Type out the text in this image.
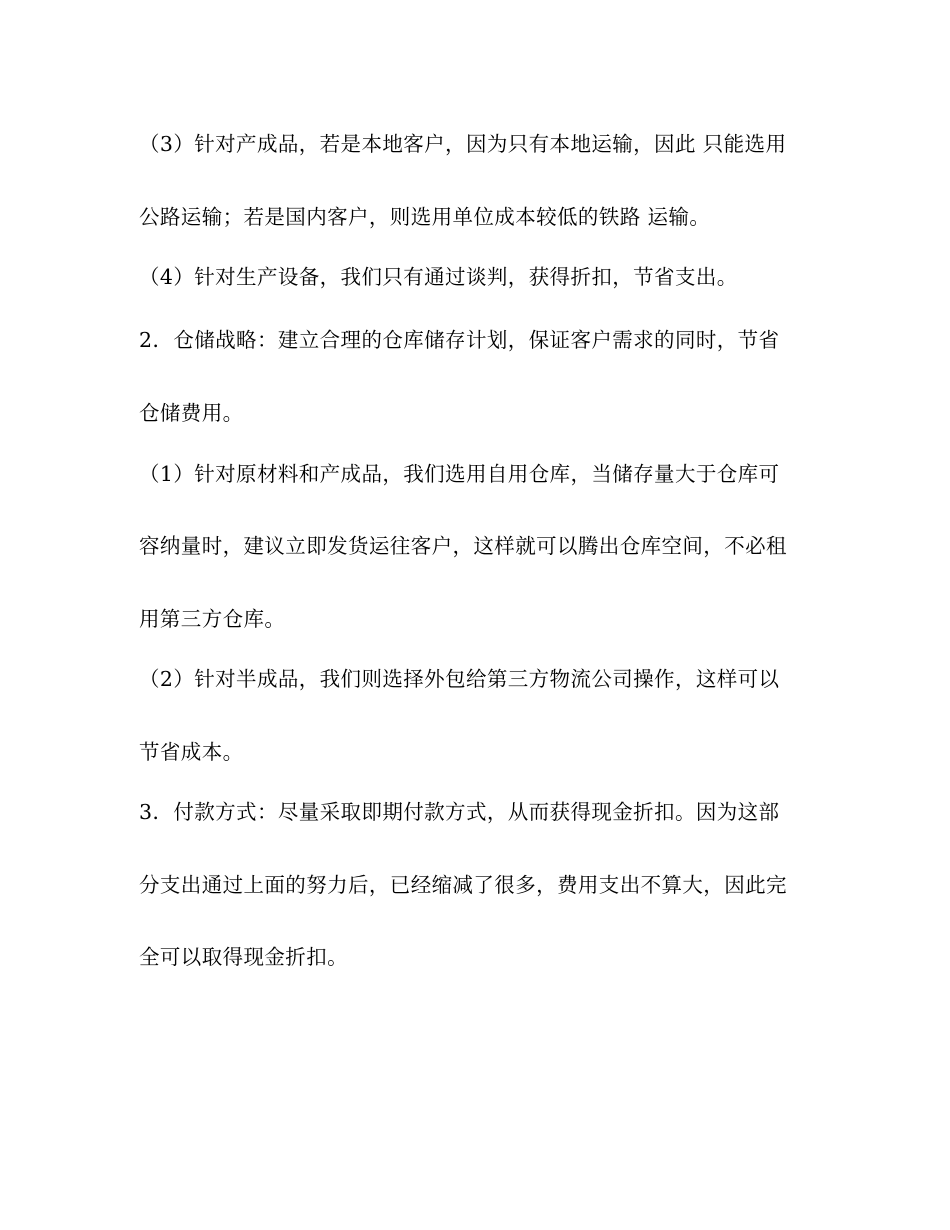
（3）针对产成品，若是本地客户，因为只有本地运输，因此 只能选用
公路运输；若是国内客户，则选用单位成本较低的铁路 运输。
（4）针对生产设备，我们只有通过谈判，获得折扣，节省支出。
2．仓储战略：建立合理的仓库储存计划，保证客户需求的同时，节省
仓储费用。
（1）针对原材料和产成品，我们选用自用仓库，当储存量大于仓库可
容纳量时，建议立即发货运往客户，这样就可以腾出仓库空间，不必租
用第三方仓库。
（2）针对半成品，我们则选择外包给第三方物流公司操作，这样可以
节省成本。
3．付款方式：尽量采取即期付款方式，从而获得现金折扣。因为这部
分支出通过上面的努力后，已经缩减了很多，费用支出不算大，因此完
全可以取得现金折扣。
